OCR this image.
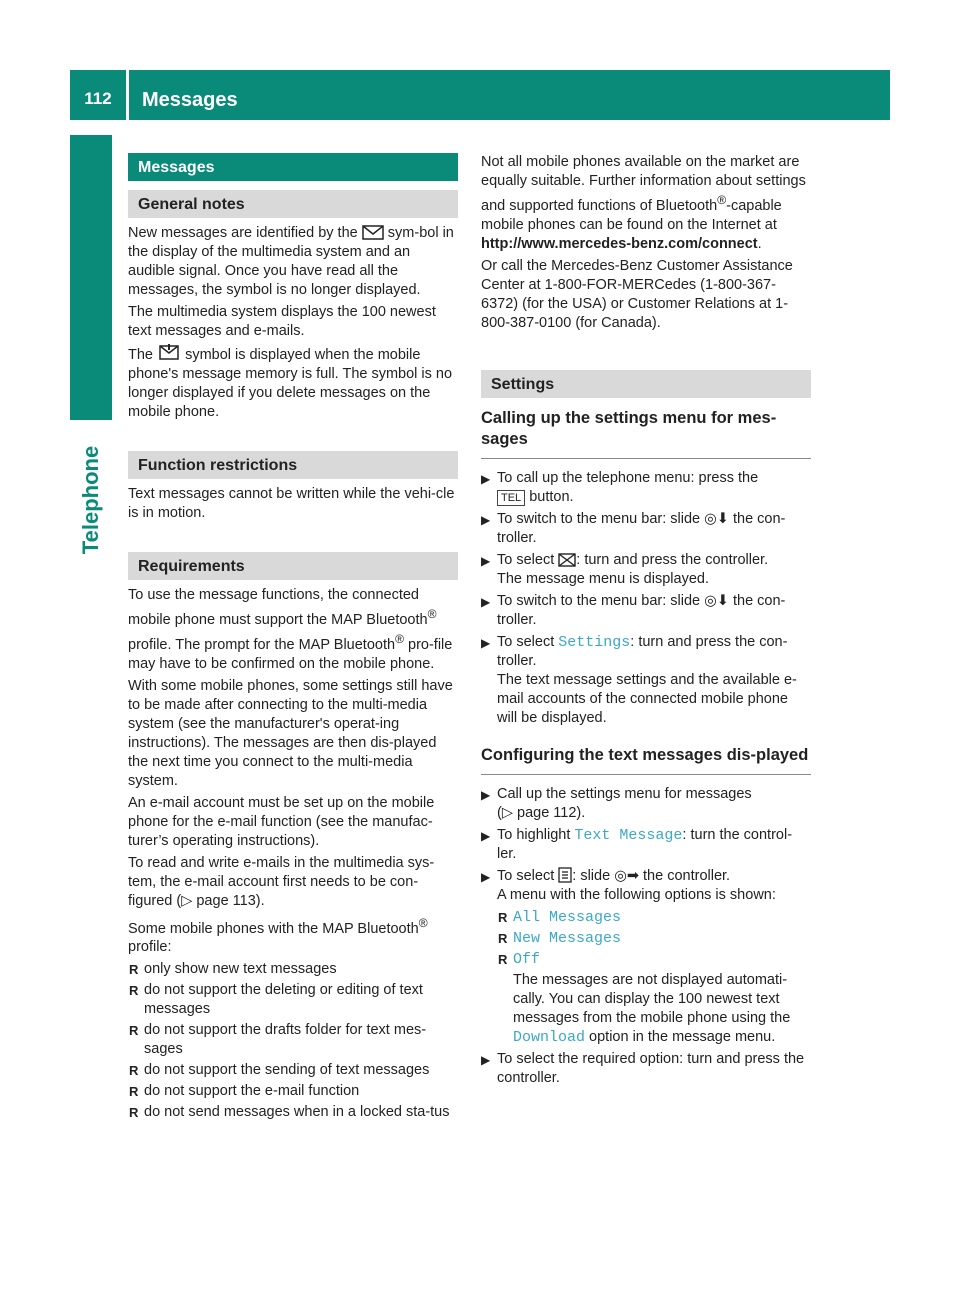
112	Messages
Telephone
Messages
General notes

New messages are identified by the sym-bol in the display of the multimedia system and an audible signal. Once you have read all the messages, the symbol is no longer displayed.

The multimedia system displays the 100 newest text messages and e-mails.

The symbol is displayed when the mobile phone's message memory is full. The symbol is no longer displayed if you delete messages on the mobile phone.

Function restrictions

Text messages cannot be written while the vehi-cle is in motion.

Requirements

To use the message functions, the connected mobile phone must support the MAP Bluetooth® profile. The prompt for the MAP Bluetooth® pro-file may have to be confirmed on the mobile phone.

With some mobile phones, some settings still have to be made after connecting to the multi-media system (see the manufacturer's operat-ing instructions). The messages are then dis-played the next time you connect to the multi-media system.

An e-mail account must be set up on the mobile phone for the e-mail function (see the manufac-turer’s operating instructions).

To read and write e-mails in the multimedia sys-tem, the e-mail account first needs to be con-figured (▷ page 113).

Some mobile phones with the MAP Bluetooth® profile:

R only show new text messages
R do not support the deleting or editing of text messages
R do not support the drafts folder for text mes-sages
R do not support the sending of text messages
R do not support the e-mail function
R do not send messages when in a locked sta-tus

Not all mobile phones available on the market are equally suitable. Further information about settings and supported functions of Bluetooth®-capable mobile phones can be found on the Internet at
http://www.mercedes-benz.com/connect.

Or call the Mercedes-Benz Customer Assistance Center at 1-800-FOR-MERCedes (1-800-367-6372) (for the USA) or Customer Relations at 1-800-387-0100 (for Canada).

Settings
Calling up the settings menu for mes-sages
▶ To call up the telephone menu: press the
TEL button.
▶ To switch to the menu bar: slide ◎⬇ the con-troller.
▶ To select : turn and press the controller.
The message menu is displayed.
▶ To switch to the menu bar: slide ◎⬇ the con-troller.
▶ To select Settings: turn and press the con-troller.
The text message settings and the available e-mail accounts of the connected mobile phone will be displayed.
Configuring the text messages dis-played
▶ Call up the settings menu for messages
(▷ page 112).
▶ To highlight Text Message: turn the control-ler.
▶ To select : slide ◎➡ the controller.
A menu with the following options is shown:
R All Messages
R New Messages
R Off

The messages are not displayed automati-cally. You can display the 100 newest text messages from the mobile phone using the Download option in the message menu.

▶ To select the required option: turn and press the controller.
